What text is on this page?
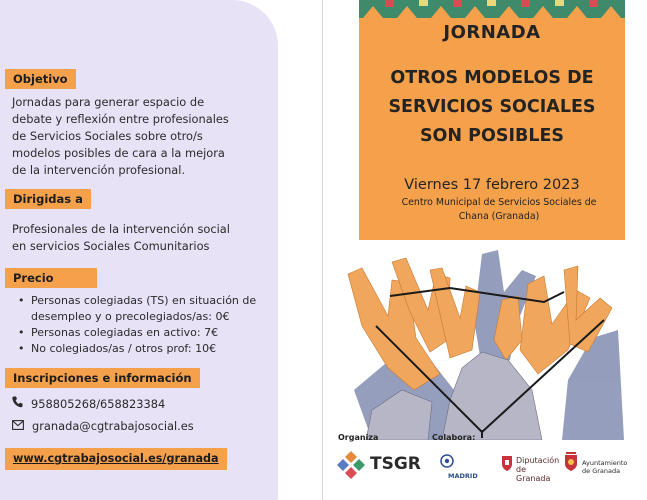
Objetivo
Jornadas para generar espacio de
debate y reflexión entre profesionales
de Servicios Sociales sobre otro/s
modelos posibles de cara a la mejora
de la intervención profesional.
Dirigidas a
Profesionales de la intervención social
en servicios Sociales Comunitarios
Precio
• Personas colegiadas (TS) en situación de
desempleo y o precolegiados/as: 0€
• Personas colegiadas en activo: 7€
• No colegiados/as / otros prof: 10€
Inscripciones e información
958805268/658823384
granada@cgtrabajosocial.es
www.cgtrabajosocial.es/granada
JORNADA
OTROS MODELOS DE
SERVICIOS SOCIALES
SON POSIBLES
Viernes 17 febrero 2023
Centro Municipal de Servicios Sociales de
Chana (Granada)
Organiza	Colabora:
TSGR
MADRID
Diputación
de Granada
Ayuntamiento
de Granada
